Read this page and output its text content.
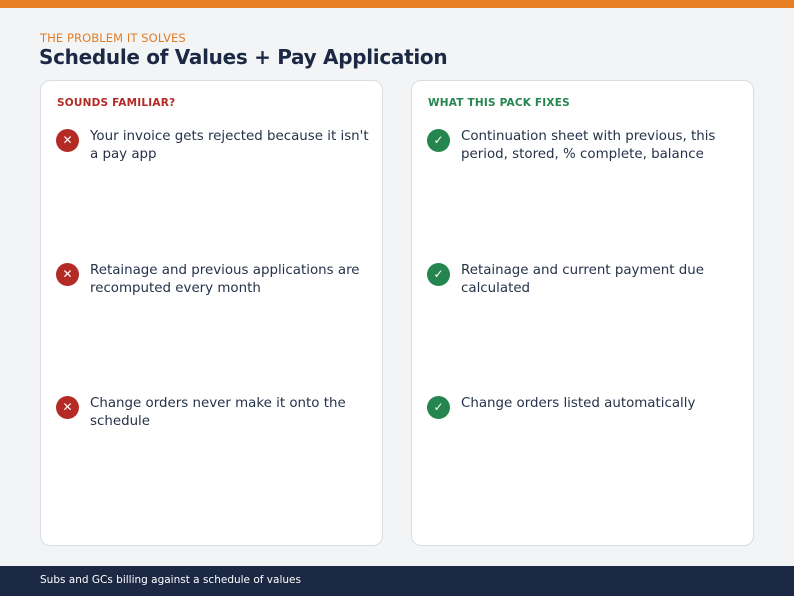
THE PROBLEM IT SOLVES
Schedule of Values + Pay Application
SOUNDS FAMILIAR?
✕	Your invoice gets rejected because it isn't a pay app
✕	Retainage and previous applications are recomputed every month
✕	Change orders never make it onto the schedule
WHAT THIS PACK FIXES
✓	Continuation sheet with previous, this period, stored, % complete, balance
✓	Retainage and current payment due calculated
✓	Change orders listed automatically
Subs and GCs billing against a schedule of values
